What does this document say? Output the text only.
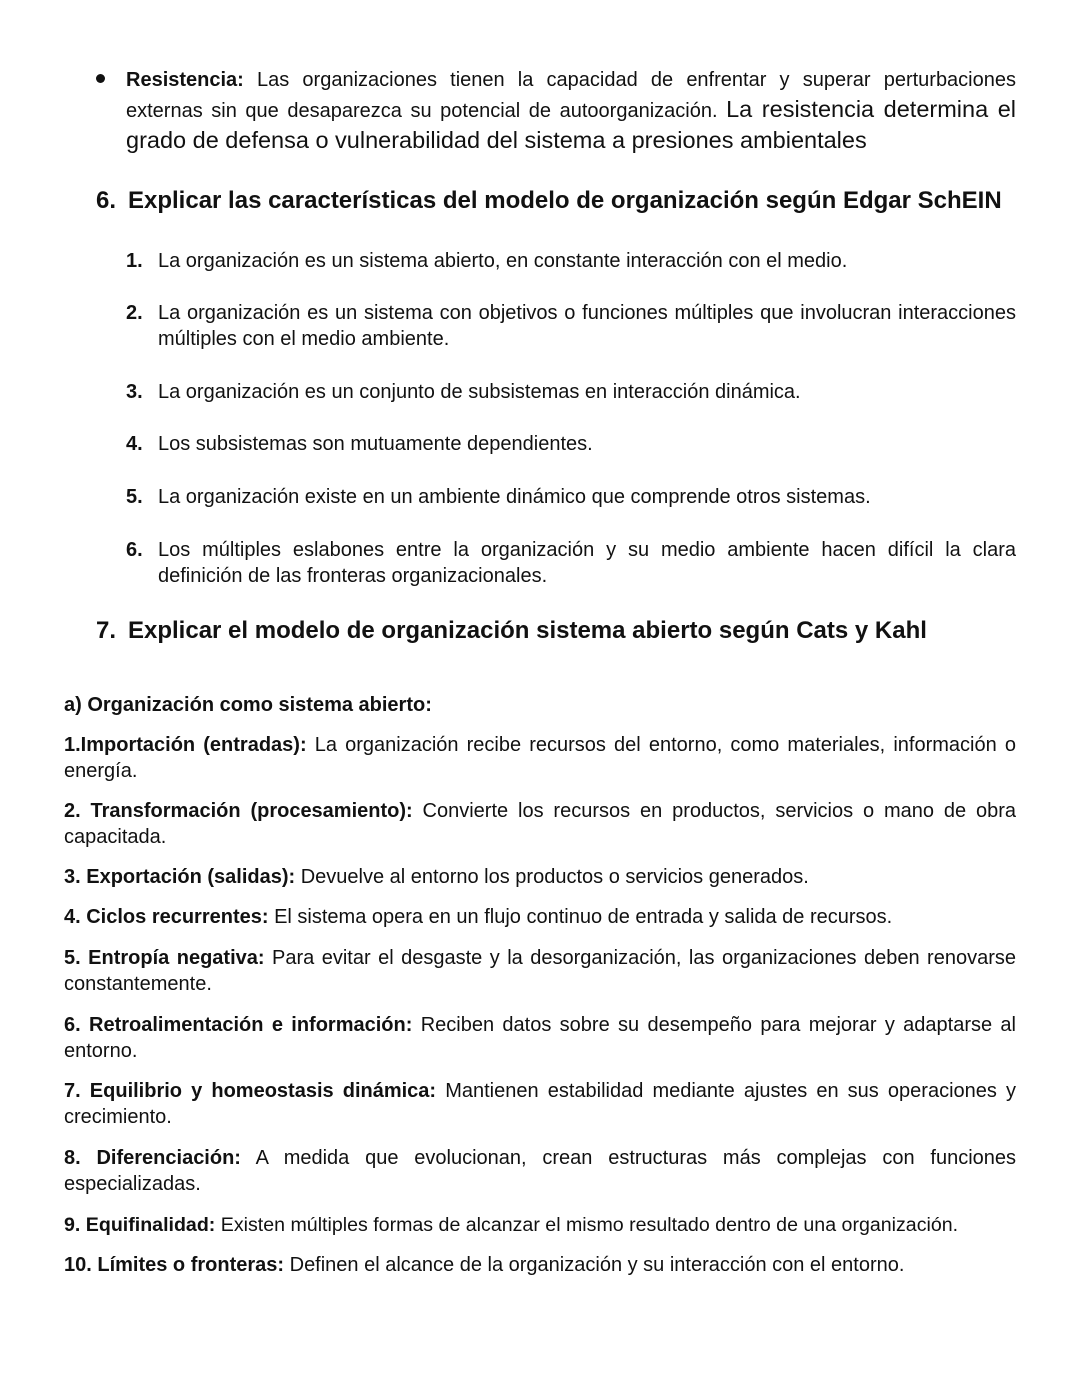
Resistencia: Las organizaciones tienen la capacidad de enfrentar y superar perturbaciones externas sin que desaparezca su potencial de autoorganización. La resistencia determina el grado de defensa o vulnerabilidad del sistema a presiones ambientales
6. Explicar las características del modelo de organización según Edgar SchEIN
1. La organización es un sistema abierto, en constante interacción con el medio.
2. La organización es un sistema con objetivos o funciones múltiples que involucran interacciones múltiples con el medio ambiente.
3. La organización es un conjunto de subsistemas en interacción dinámica.
4. Los subsistemas son mutuamente dependientes.
5. La organización existe en un ambiente dinámico que comprende otros sistemas.
6. Los múltiples eslabones entre la organización y su medio ambiente hacen difícil la clara definición de las fronteras organizacionales.
7. Explicar el modelo de organización sistema abierto según Cats y Kahl
a) Organización como sistema abierto:
1.Importación (entradas): La organización recibe recursos del entorno, como materiales, información o energía.
2. Transformación (procesamiento): Convierte los recursos en productos, servicios o mano de obra capacitada.
3. Exportación (salidas): Devuelve al entorno los productos o servicios generados.
4. Ciclos recurrentes: El sistema opera en un flujo continuo de entrada y salida de recursos.
5. Entropía negativa: Para evitar el desgaste y la desorganización, las organizaciones deben renovarse constantemente.
6. Retroalimentación e información: Reciben datos sobre su desempeño para mejorar y adaptarse al entorno.
7. Equilibrio y homeostasis dinámica: Mantienen estabilidad mediante ajustes en sus operaciones y crecimiento.
8. Diferenciación: A medida que evolucionan, crean estructuras más complejas con funciones especializadas.
9. Equifinalidad: Existen múltiples formas de alcanzar el mismo resultado dentro de una organización.
10. Límites o fronteras: Definen el alcance de la organización y su interacción con el entorno.
